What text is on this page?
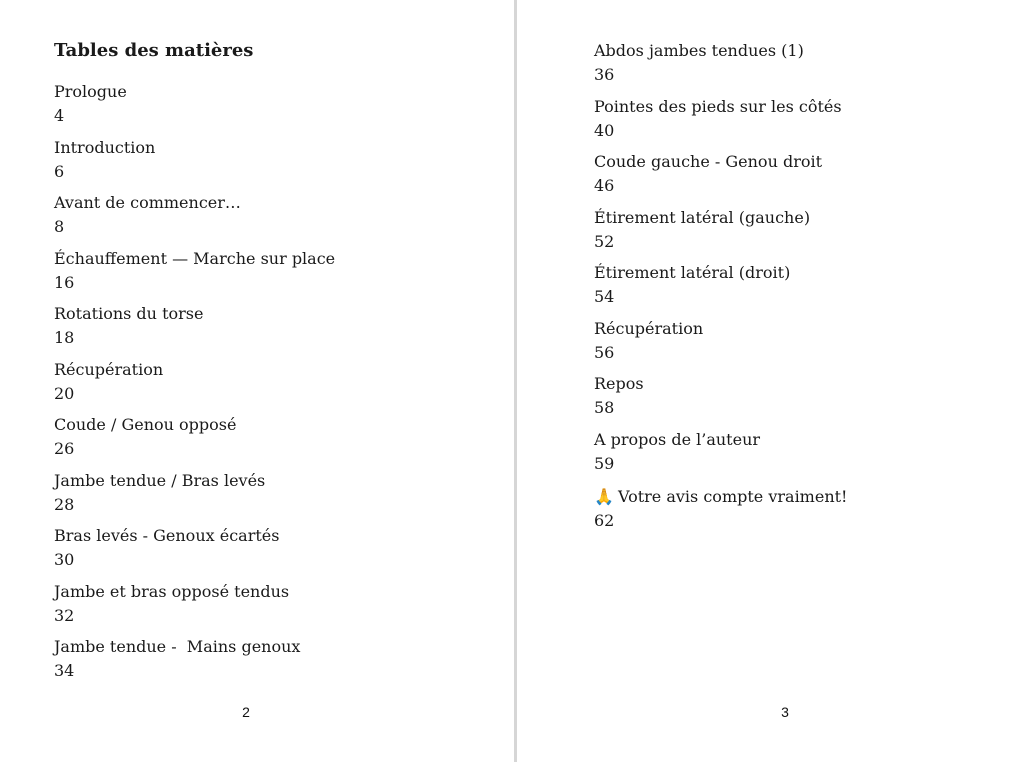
Tables des matières
Prologue
4
Introduction
6
Avant de commencer…
8
Échauffement — Marche sur place
16
Rotations du torse
18
Récupération
20
Coude / Genou opposé
26
Jambe tendue / Bras levés
28
Bras levés - Genoux écartés
30
Jambe et bras opposé tendus
32
Jambe tendue -  Mains genoux
34
2
Abdos jambes tendues (1)
36
Pointes des pieds sur les côtés
40
Coude gauche - Genou droit
46
Étirement latéral (gauche)
52
Étirement latéral (droit)
54
Récupération
56
Repos
58
A propos de l’auteur
59
🙏 Votre avis compte vraiment!
62
3
